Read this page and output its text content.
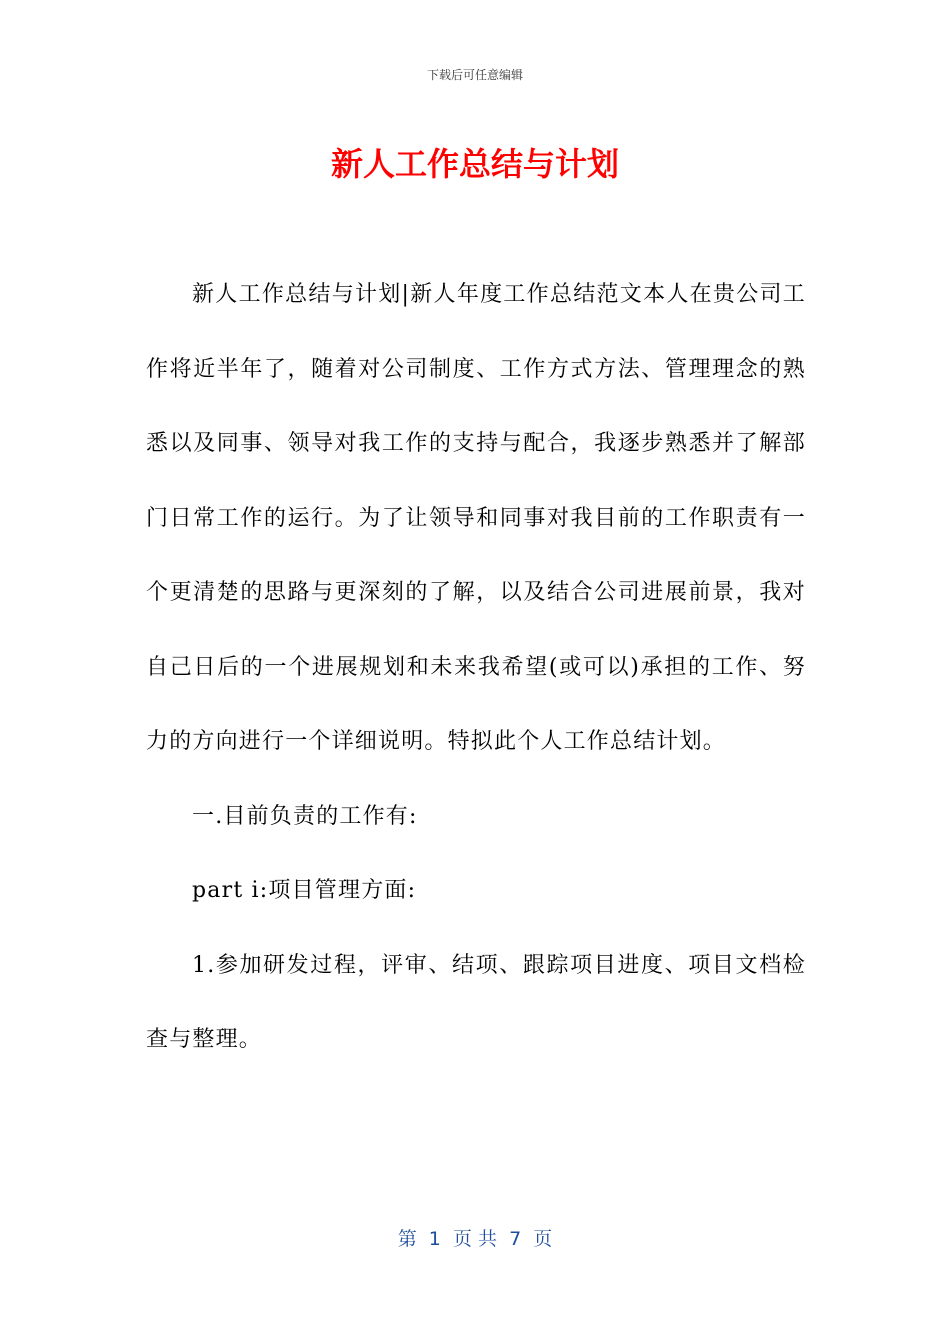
下载后可任意编辑
新人工作总结与计划

新人工作总结与计划|新人年度工作总结范文本人在贵公司工作将近半年了，随着对公司制度、工作方式方法、管理理念的熟悉以及同事、领导对我工作的支持与配合，我逐步熟悉并了解部门日常工作的运行。为了让领导和同事对我目前的工作职责有一个更清楚的思路与更深刻的了解，以及结合公司进展前景，我对自己日后的一个进展规划和未来我希望(或可以)承担的工作、努力的方向进行一个详细说明。特拟此个人工作总结计划。

一.目前负责的工作有:

part ⅰ:项目管理方面:

1.参加研发过程，评审、结项、跟踪项目进度、项目文档检查与整理。

第  1  页 共  7  页
